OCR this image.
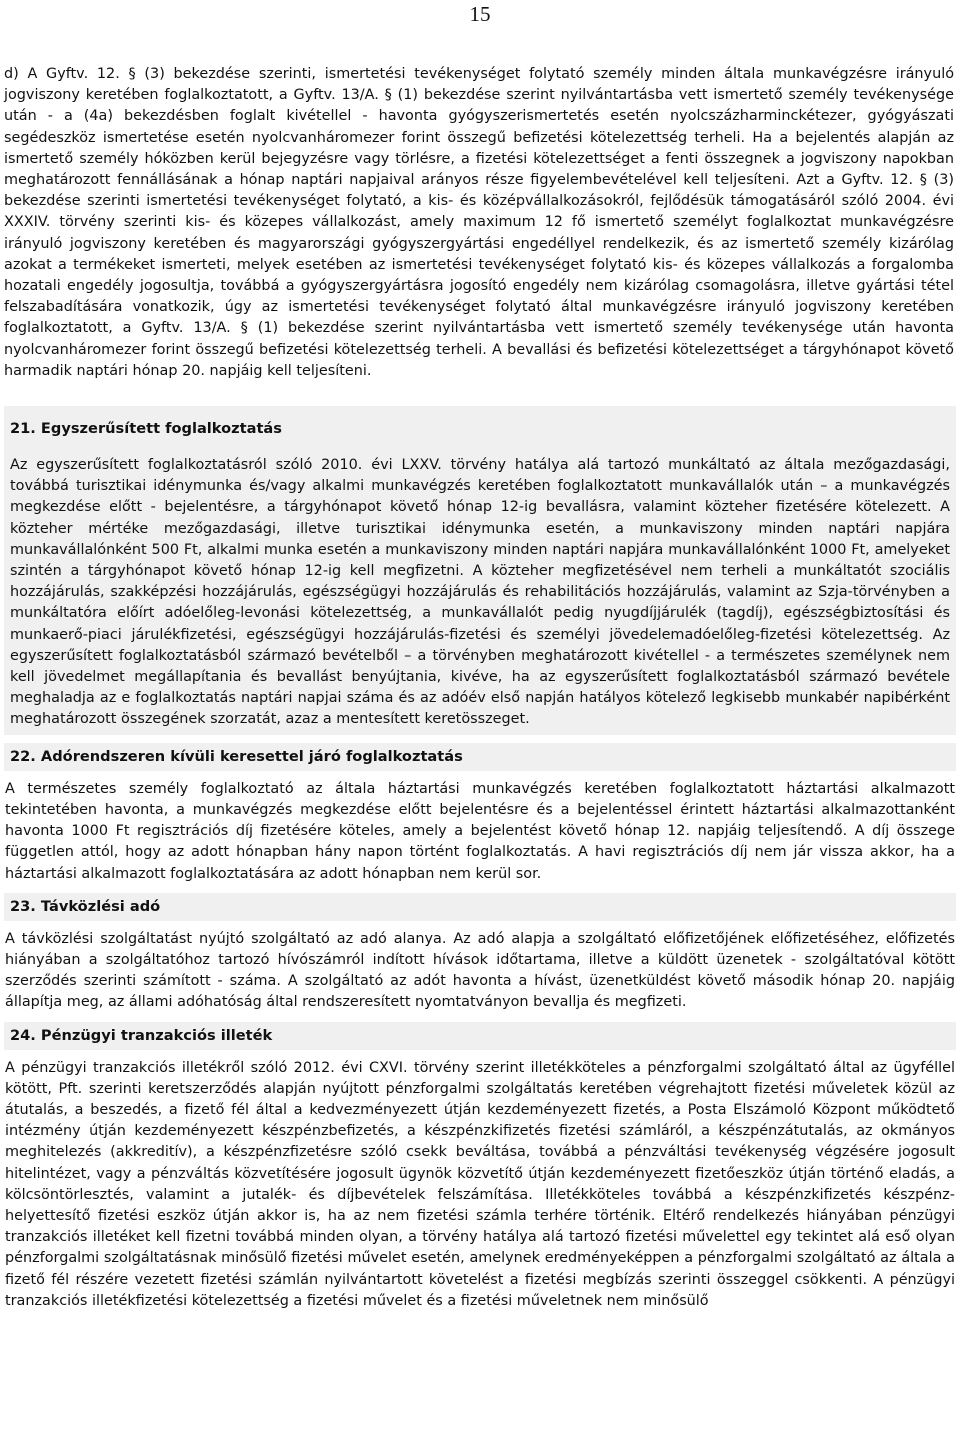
15

d) A Gyftv. 12. § (3) bekezdése szerinti, ismertetési tevékenységet folytató személy minden általa munkavégzésre irányuló jogviszony keretében foglalkoztatott, a Gyftv. 13/A. § (1) bekezdése szerint nyilvántartásba vett ismertető személy tevékenysége után - a (4a) bekezdésben foglalt kivétellel - havonta gyógyszerismertetés esetén nyolcszázharminckétezer, gyógyászati segédeszköz ismertetése esetén nyolcvanháromezer forint összegű befizetési kötelezettség terheli. Ha a bejelentés alapján az ismertető személy hóközben kerül bejegyzésre vagy törlésre, a fizetési kötelezettséget a fenti összegnek a jogviszony napokban meghatározott fennállásának a hónap naptári napjaival arányos része figyelembevételével kell teljesíteni. Azt a Gyftv. 12. § (3) bekezdése szerinti ismertetési tevékenységet folytató, a kis- és középvállalkozásokról, fejlődésük támogatásáról szóló 2004. évi XXXIV. törvény szerinti kis- és közepes vállalkozást, amely maximum 12 fő ismertető személyt foglalkoztat munkavégzésre irányuló jogviszony keretében és magyarországi gyógyszergyártási engedéllyel rendelkezik, és az ismertető személy kizárólag azokat a termékeket ismerteti, melyek esetében az ismertetési tevékenységet folytató kis- és közepes vállalkozás a forgalomba hozatali engedély jogosultja, továbbá a gyógyszergyártásra jogosító engedély nem kizárólag csomagolásra, illetve gyártási tétel felszabadítására vonatkozik, úgy az ismertetési tevékenységet folytató által munkavégzésre irányuló jogviszony keretében foglalkoztatott, a Gyftv. 13/A. § (1) bekezdése szerint nyilvántartásba vett ismertető személy tevékenysége után havonta nyolcvanháromezer forint összegű befizetési kötelezettség terheli. A bevallási és befizetési kötelezettséget a tárgyhónapot követő harmadik naptári hónap 20. napjáig kell teljesíteni.

21. Egyszerűsített foglalkoztatás

Az egyszerűsített foglalkoztatásról szóló 2010. évi LXXV. törvény hatálya alá tartozó munkáltató az általa mezőgazdasági, továbbá turisztikai idénymunka és/vagy alkalmi munkavégzés keretében foglalkoztatott munkavállalók után – a munkavégzés megkezdése előtt - bejelentésre, a tárgyhónapot követő hónap 12-ig bevallásra, valamint közteher fizetésére kötelezett. A közteher mértéke mezőgazdasági, illetve turisztikai idénymunka esetén, a munkaviszony minden naptári napjára munkavállalónként 500 Ft, alkalmi munka esetén a munkaviszony minden naptári napjára munkavállalónként 1000 Ft, amelyeket szintén a tárgyhónapot követő hónap 12-ig kell megfizetni. A közteher megfizetésével nem terheli a munkáltatót szociális hozzájárulás, szakképzési hozzájárulás, egészségügyi hozzájárulás és rehabilitációs hozzájárulás, valamint az Szja-törvényben a munkáltatóra előírt adóelőleg-levonási kötelezettség, a munkavállalót pedig nyugdíjjárulék (tagdíj), egészségbiztosítási és munkaerő-piaci járulékfizetési, egészségügyi hozzájárulás-fizetési és személyi jövedelemadóelőleg-fizetési kötelezettség. Az egyszerűsített foglalkoztatásból származó bevételből – a törvényben meghatározott kivétellel - a természetes személynek nem kell jövedelmet megállapítania és bevallást benyújtania, kivéve, ha az egyszerűsített foglalkoztatásból származó bevétele meghaladja az e foglalkoztatás naptári napjai száma és az adóév első napján hatályos kötelező legkisebb munkabér napibérként meghatározott összegének szorzatát, azaz a mentesített keretösszeget.

22. Adórendszeren kívüli keresettel járó foglalkoztatás

A természetes személy foglalkoztató az általa háztartási munkavégzés keretében foglalkoztatott háztartási alkalmazott tekintetében havonta, a munkavégzés megkezdése előtt bejelentésre és a bejelentéssel érintett háztartási alkalmazottanként havonta 1000 Ft regisztrációs díj fizetésére köteles, amely a bejelentést követő hónap 12. napjáig teljesítendő. A díj összege független attól, hogy az adott hónapban hány napon történt foglalkoztatás. A havi regisztrációs díj nem jár vissza akkor, ha a háztartási alkalmazott foglalkoztatására az adott hónapban nem kerül sor.

23. Távközlési adó

A távközlési szolgáltatást nyújtó szolgáltató az adó alanya. Az adó alapja a szolgáltató előfizetőjének előfizetéséhez, előfizetés hiányában a szolgáltatóhoz tartozó hívószámról indított hívások időtartama, illetve a küldött üzenetek - szolgáltatóval kötött szerződés szerinti számított - száma. A szolgáltató az adót havonta a hívást, üzenetküldést követő második hónap 20. napjáig állapítja meg, az állami adóhatóság által rendszeresített nyomtatványon bevallja és megfizeti.

24. Pénzügyi tranzakciós illeték

A pénzügyi tranzakciós illetékről szóló 2012. évi CXVI. törvény szerint illetékköteles a pénzforgalmi szolgáltató által az ügyféllel kötött, Pft. szerinti keretszerződés alapján nyújtott pénzforgalmi szolgáltatás keretében végrehajtott fizetési műveletek közül az átutalás, a beszedés, a fizető fél által a kedvezményezett útján kezdeményezett fizetés, a Posta Elszámoló Központ működtető intézmény útján kezdeményezett készpénzbefizetés, a készpénzkifizetés fizetési számláról, a készpénzátutalás, az okmányos meghitelezés (akkreditív), a készpénzfizetésre szóló csekk beváltása, továbbá a pénzváltási tevékenység végzésére jogosult hitelintézet, vagy a pénzváltás közvetítésére jogosult ügynök közvetítő útján kezdeményezett fizetőeszköz útján történő eladás, a kölcsöntörlesztés, valamint a jutalék- és díjbevételek felszámítása. Illetékköteles továbbá a készpénzkifizetés készpénz-helyettesítő fizetési eszköz útján akkor is, ha az nem fizetési számla terhére történik. Eltérő rendelkezés hiányában pénzügyi tranzakciós illetéket kell fizetni továbbá minden olyan, a törvény hatálya alá tartozó fizetési művelettel egy tekintet alá eső olyan pénzforgalmi szolgáltatásnak minősülő fizetési művelet esetén, amelynek eredményeképpen a pénzforgalmi szolgáltató az általa a fizető fél részére vezetett fizetési számlán nyilvántartott követelést a fizetési megbízás szerinti összeggel csökkenti. A pénzügyi tranzakciós illetékfizetési kötelezettség a fizetési művelet és a fizetési műveletnek nem minősülő
